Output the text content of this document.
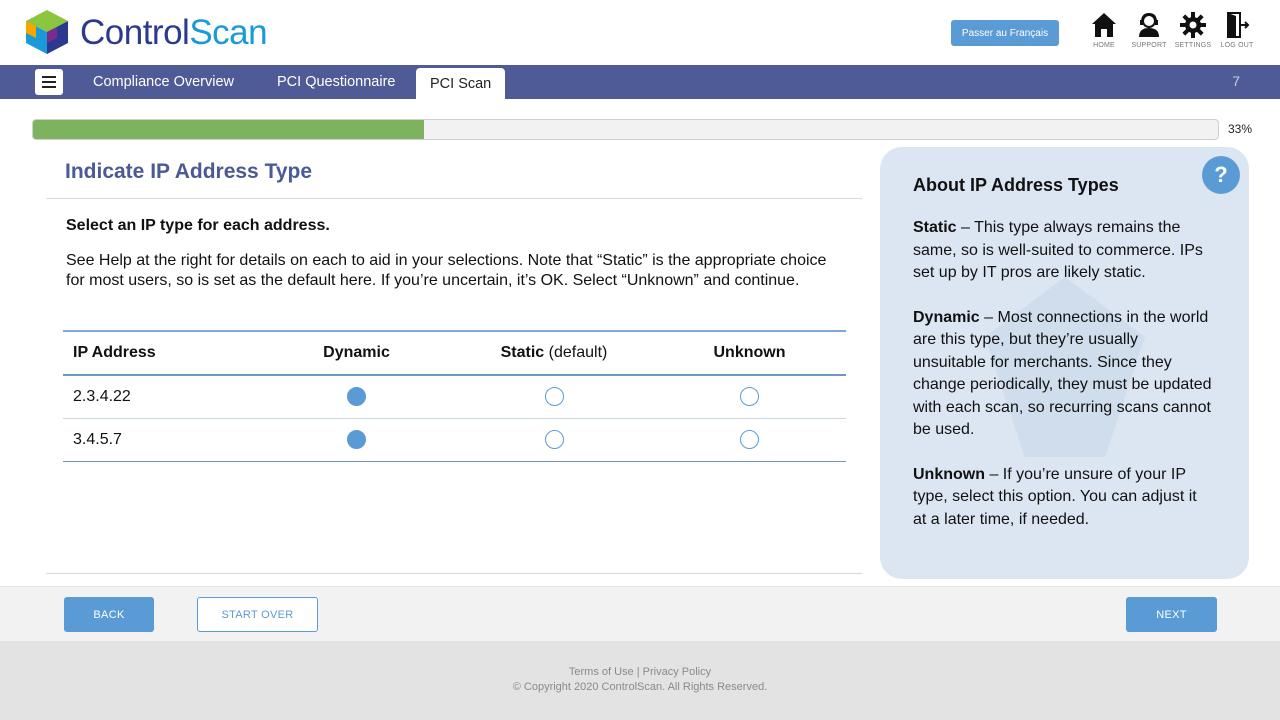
ControlScan	Passer au Français
HOME SUPPORT SETTINGS LOG OUT
Compliance Overview	PCI Questionnaire	PCI Scan	7
33%
Indicate IP Address Type
Select an IP type for each address.
See Help at the right for details on each to aid in your selections. Note that “Static” is the appropriate choice for most users, so is set as the default here. If you’re uncertain, it’s OK. Select “Unknown” and continue.
IP Address	Dynamic	Static (default)	Unknown
2.3.4.22			
3.4.5.7			
?
About IP Address Types

Static – This type always remains the same, so is well-suited to commerce. IPs set up by IT pros are likely static.

Dynamic – Most connections in the world are this type, but they’re usually unsuitable for merchants. Since they change periodically, they must be updated with each scan, so recurring scans cannot be used.

Unknown – If you’re unsure of your IP type, select this option. You can adjust it at a later time, if needed.

BACK	START OVER	NEXT
Terms of Use | Privacy Policy
© Copyright 2020 ControlScan. All Rights Reserved.
